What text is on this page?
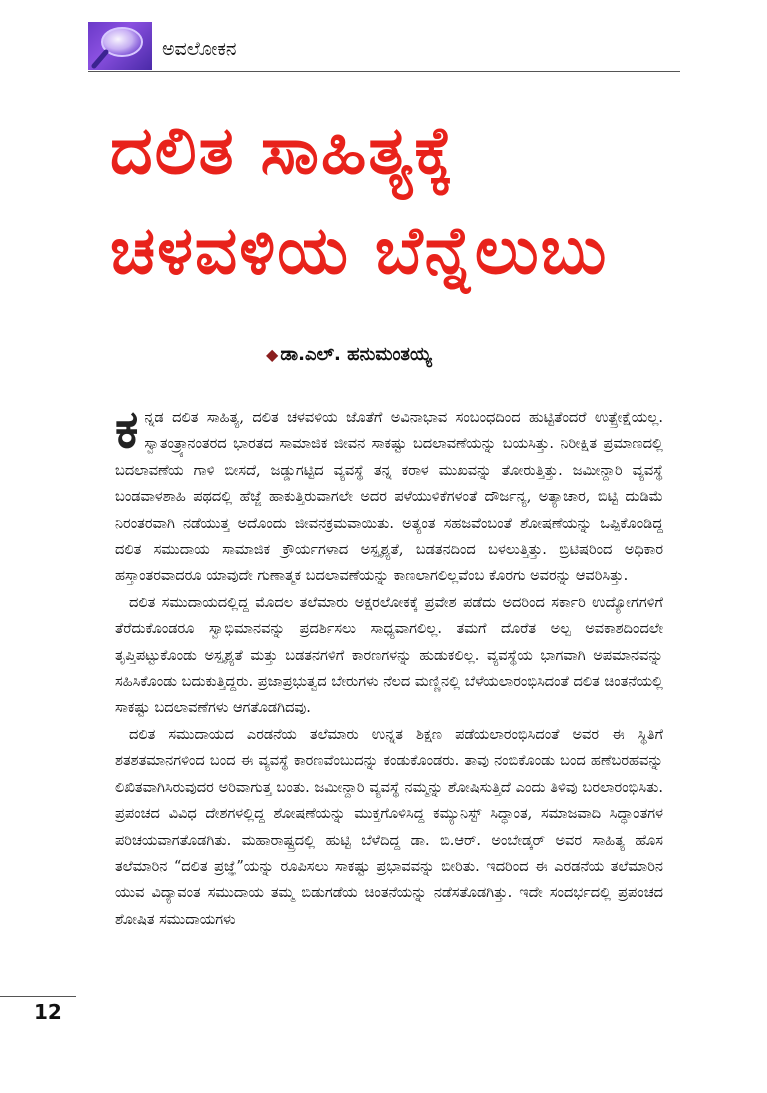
ಅವಲೋಕನ
ದಲಿತ ಸಾಹಿತ್ಯಕ್ಕೆ
ಚಳವಳಿಯ ಬೆನ್ನೆಲುಬು
◆ ಡಾ.ಎಲ್. ಹನುಮಂತಯ್ಯ

ಕನ್ನಡ ದಲಿತ ಸಾಹಿತ್ಯ, ದಲಿತ ಚಳವಳಿಯ ಜೊತೆಗೆ ಅವಿನಾಭಾವ ಸಂಬಂಧದಿಂದ ಹುಟ್ಟಿತೆಂದರೆ ಉತ್ಪ್ರೇಕ್ಷೆಯಲ್ಲ. ಸ್ವಾತಂತ್ರ್ಯಾನಂತರದ ಭಾರತದ ಸಾಮಾಜಿಕ ಜೀವನ ಸಾಕಷ್ಟು ಬದಲಾವಣೆಯನ್ನು ಬಯಸಿತ್ತು. ನಿರೀಕ್ಷಿತ ಪ್ರಮಾಣದಲ್ಲಿ ಬದಲಾವಣೆಯ ಗಾಳಿ ಬೀಸದೆ, ಜಡ್ಡುಗಟ್ಟಿದ ವ್ಯವಸ್ಥೆ ತನ್ನ ಕರಾಳ ಮುಖವನ್ನು ತೋರುತ್ತಿತ್ತು. ಜಮೀನ್ದಾರಿ ವ್ಯವಸ್ಥೆ ಬಂಡವಾಳಶಾಹಿ ಪಥದಲ್ಲಿ ಹೆಜ್ಜೆ ಹಾಕುತ್ತಿರುವಾಗಲೇ ಅದರ ಪಳೆಯುಳಿಕೆಗಳಂತೆ ದೌರ್ಜನ್ಯ, ಅತ್ಯಾಚಾರ, ಬಿಟ್ಟಿ ದುಡಿಮೆ ನಿರಂತರವಾಗಿ ನಡೆಯುತ್ತ ಅದೊಂದು ಜೀವನಕ್ರಮವಾಯಿತು. ಅತ್ಯಂತ ಸಹಜವೆಂಬಂತೆ ಶೋಷಣೆಯನ್ನು ಒಪ್ಪಿಕೊಂಡಿದ್ದ ದಲಿತ ಸಮುದಾಯ ಸಾಮಾಜಿಕ ಕ್ರೌರ್ಯಗಳಾದ ಅಸ್ಪೃಶ್ಯತೆ, ಬಡತನದಿಂದ ಬಳಲುತ್ತಿತ್ತು. ಬ್ರಿಟಿಷರಿಂದ ಅಧಿಕಾರ ಹಸ್ತಾಂತರವಾದರೂ ಯಾವುದೇ ಗುಣಾತ್ಮಕ ಬದಲಾವಣೆಯನ್ನು ಕಾಣಲಾಗಲಿಲ್ಲವೆಂಬ ಕೊರಗು ಅವರನ್ನು ಆವರಿಸಿತ್ತು.

ದಲಿತ ಸಮುದಾಯದಲ್ಲಿದ್ದ ಮೊದಲ ತಲೆಮಾರು ಅಕ್ಷರಲೋಕಕ್ಕೆ ಪ್ರವೇಶ ಪಡೆದು ಅದರಿಂದ ಸರ್ಕಾರಿ ಉದ್ಯೋಗಗಳಿಗೆ ತೆರೆದುಕೊಂಡರೂ ಸ್ವಾಭಿಮಾನವನ್ನು ಪ್ರದರ್ಶಿಸಲು ಸಾಧ್ಯವಾಗಲಿಲ್ಲ. ತಮಗೆ ದೊರೆತ ಅಲ್ಪ ಅವಕಾಶದಿಂದಲೇ ತೃಪ್ತಿಪಟ್ಟುಕೊಂಡು ಅಸ್ಪೃಶ್ಯತೆ ಮತ್ತು ಬಡತನಗಳಿಗೆ ಕಾರಣಗಳನ್ನು ಹುಡುಕಲಿಲ್ಲ. ವ್ಯವಸ್ಥೆಯ ಭಾಗವಾಗಿ ಅಪಮಾನವನ್ನು ಸಹಿಸಿಕೊಂಡು ಬದುಕುತ್ತಿದ್ದರು. ಪ್ರಜಾಪ್ರಭುತ್ವದ ಬೇರುಗಳು ನೆಲದ ಮಣ್ಣಿನಲ್ಲಿ ಬೆಳೆಯಲಾರಂಭಿಸಿದಂತೆ ದಲಿತ ಚಿಂತನೆಯಲ್ಲಿ ಸಾಕಷ್ಟು ಬದಲಾವಣೆಗಳು ಆಗತೊಡಗಿದವು.

ದಲಿತ ಸಮುದಾಯದ ಎರಡನೆಯ ತಲೆಮಾರು ಉನ್ನತ ಶಿಕ್ಷಣ ಪಡೆಯಲಾರಂಭಿಸಿದಂತೆ ಅವರ ಈ ಸ್ಥಿತಿಗೆ ಶತಶತಮಾನಗಳಿಂದ ಬಂದ ಈ ವ್ಯವಸ್ಥೆ ಕಾರಣವೆಂಬುದನ್ನು ಕಂಡುಕೊಂಡರು. ತಾವು ನಂಬಿಕೊಂಡು ಬಂದ ಹಣೆಬರಹವನ್ನು ಲಿಖಿತವಾಗಿಸಿರುವುದರ ಅರಿವಾಗುತ್ತ ಬಂತು. ಜಮೀನ್ದಾರಿ ವ್ಯವಸ್ಥೆ ನಮ್ಮನ್ನು ಶೋಷಿಸುತ್ತಿದೆ ಎಂದು ತಿಳಿವು ಬರಲಾರಂಭಿಸಿತು. ಪ್ರಪಂಚದ ವಿವಿಧ ದೇಶಗಳಲ್ಲಿದ್ದ ಶೋಷಣೆಯನ್ನು ಮುಕ್ತಗೊಳಿಸಿದ್ದ ಕಮ್ಯುನಿಸ್ಟ್ ಸಿದ್ಧಾಂತ, ಸಮಾಜವಾದಿ ಸಿದ್ಧಾಂತಗಳ ಪರಿಚಯವಾಗತೊಡಗಿತು. ಮಹಾರಾಷ್ಟ್ರದಲ್ಲಿ ಹುಟ್ಟಿ ಬೆಳೆದಿದ್ದ ಡಾ. ಬಿ.ಆರ್. ಅಂಬೇಡ್ಕರ್ ಅವರ ಸಾಹಿತ್ಯ ಹೊಸ ತಲೆಮಾರಿನ “ದಲಿತ ಪ್ರಜ್ಞೆ”ಯನ್ನು ರೂಪಿಸಲು ಸಾಕಷ್ಟು ಪ್ರಭಾವವನ್ನು ಬೀರಿತು. ಇದರಿಂದ ಈ ಎರಡನೆಯ ತಲೆಮಾರಿನ ಯುವ ವಿದ್ಯಾವಂತ ಸಮುದಾಯ ತಮ್ಮ ಬಿಡುಗಡೆಯ ಚಿಂತನೆಯನ್ನು ನಡೆಸತೊಡಗಿತ್ತು. ಇದೇ ಸಂದರ್ಭದಲ್ಲಿ ಪ್ರಪಂಚದ ಶೋಷಿತ ಸಮುದಾಯಗಳು

12
